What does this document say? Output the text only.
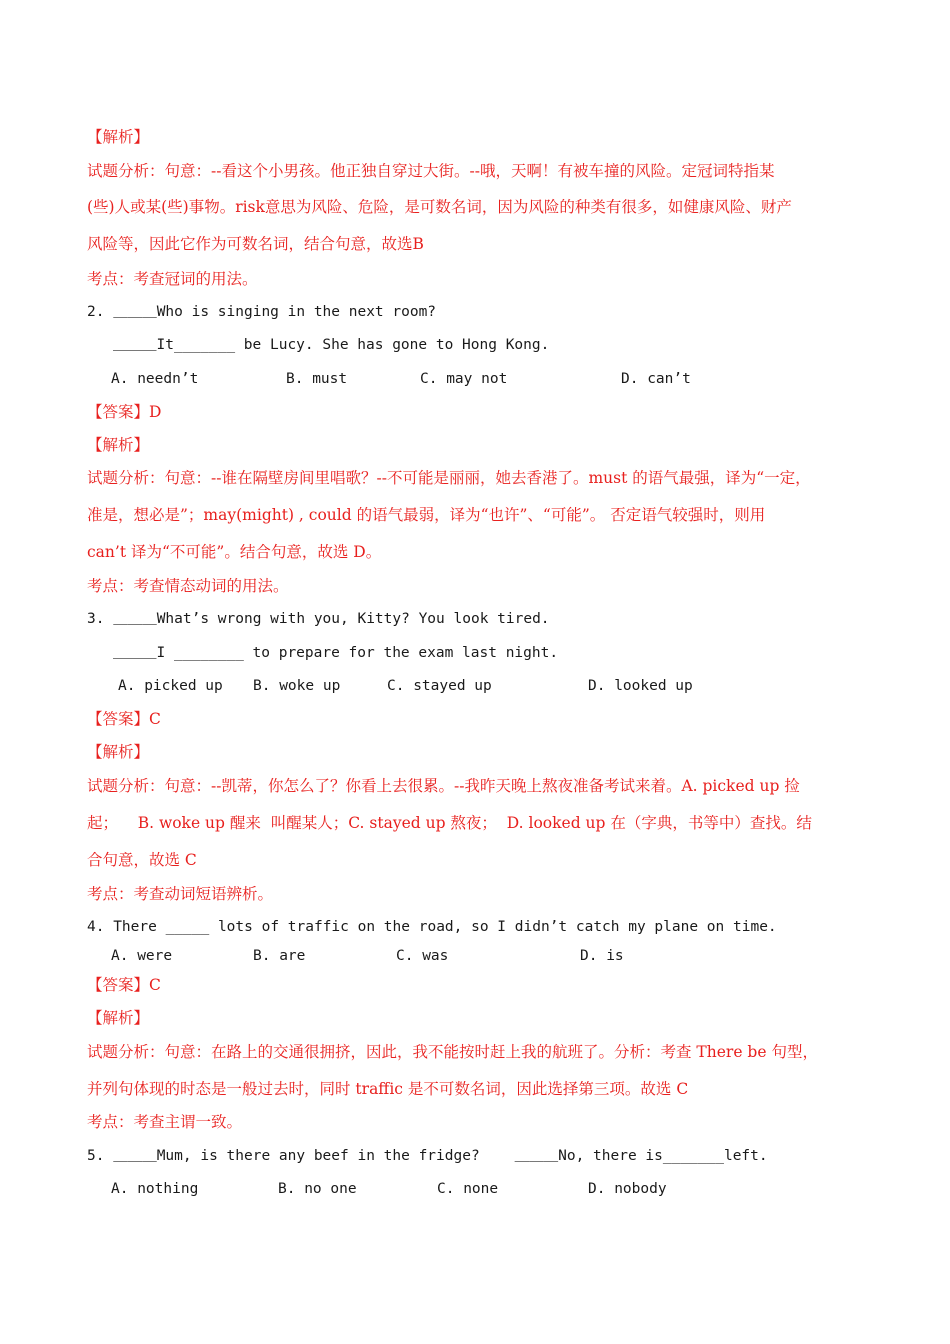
【解析】
试题分析：句意：--看这个小男孩。他正独自穿过大街。--哦，天啊！有被车撞的风险。定冠词特指某
(些)人或某(些)事物。risk意思为风险、危险，是可数名词，因为风险的种类有很多，如健康风险、财产
风险等，因此它作为可数名词，结合句意，故选B
考点：考查冠词的用法。
2. ＿＿＿Who is singing in the next room?
＿＿＿It_______ be Lucy. She has gone to Hong Kong.
A. needn’t	B. must	C. may not	D. can’t
【答案】D
【解析】
试题分析：句意：--谁在隔壁房间里唱歌？--不可能是丽丽，她去香港了。must 的语气最强，译为“一定，
准是，想必是”；may(might) , could 的语气最弱，译为“也许”、“可能”。 否定语气较强时，则用
can’t 译为“不可能”。结合句意，故选 D。
考点：考查情态动词的用法。
3. ＿＿＿What’s wrong with you, Kitty? You look tired.
＿＿＿I ________ to prepare for the exam last night.
A. picked up B. woke up	C. stayed up	D. looked up
【答案】C
【解析】
试题分析：句意：--凯蒂，你怎么了？你看上去很累。--我昨天晚上熬夜准备考试来着。A. picked up 捡
起；    B. woke up 醒来  叫醒某人；C. stayed up 熬夜；  D. looked up 在（字典，书等中）查找。结
合句意，故选 C
考点：考查动词短语辨析。
4. There _____ lots of traffic on the road, so I didn’t catch my plane on time.
A. were	B. are	C. was	D. is
【答案】C
【解析】
试题分析：句意：在路上的交通很拥挤，因此，我不能按时赶上我的航班了。分析：考查 There be 句型，
并列句体现的时态是一般过去时，同时 traffic 是不可数名词，因此选择第三项。故选 C
考点：考查主谓一致。
5. ＿＿＿Mum, is there any beef in the fridge?    ＿＿＿No, there is_______left.
A. nothing	B. no one	C. none	D. nobody
